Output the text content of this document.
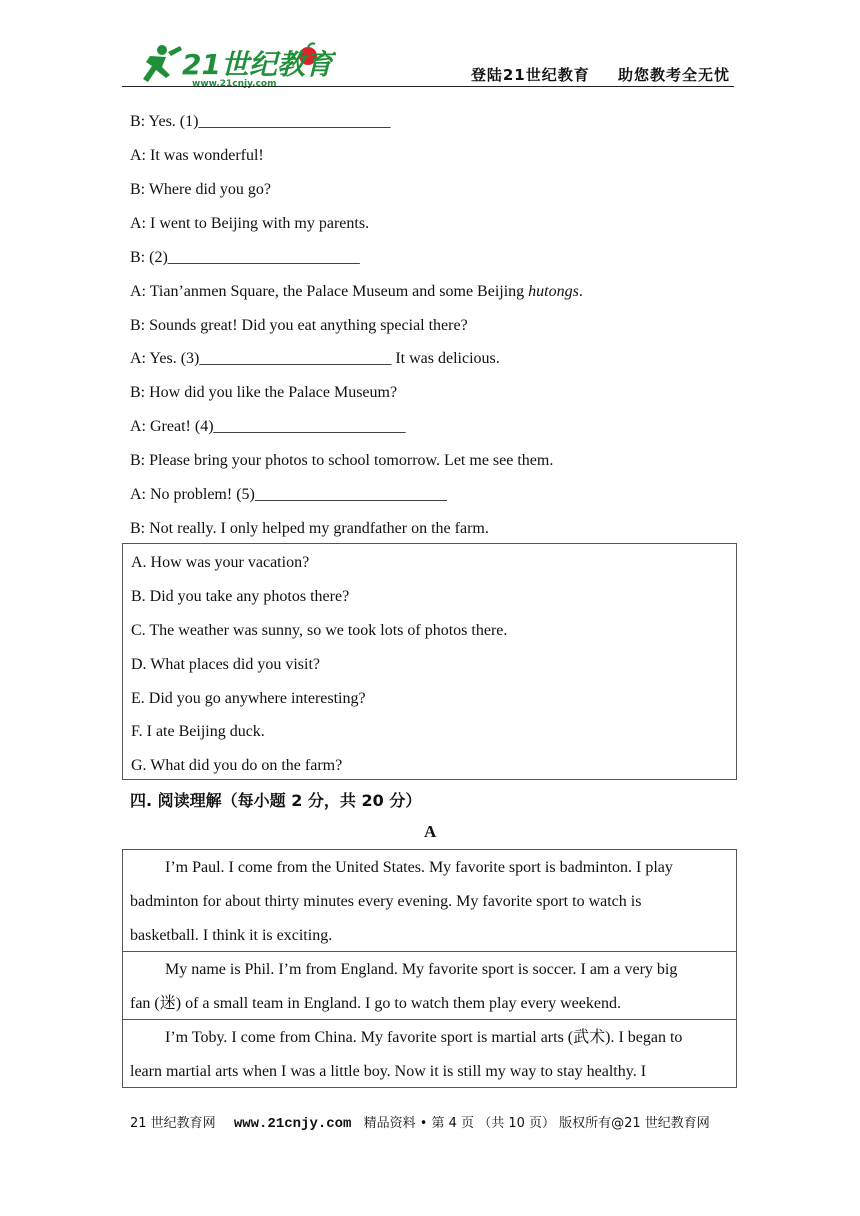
21世纪教育
www.21cnjy.com	登陆21世纪教育 助您教考全无忧
B: Yes. (1)________________________
A: It was wonderful!
B: Where did you go?
A: I went to Beijing with my parents.
B: (2)________________________
A: Tian’anmen Square, the Palace Museum and some Beijing hutongs.
B: Sounds great! Did you eat anything special there?
A: Yes. (3)________________________ It was delicious.
B: How did you like the Palace Museum?
A: Great! (4)________________________
B: Please bring your photos to school tomorrow. Let me see them.
A: No problem! (5)________________________
B: Not really. I only helped my grandfather on the farm.
A. How was your vacation?
B. Did you take any photos there?
C. The weather was sunny, so we took lots of photos there.
D. What places did you visit?
E. Did you go anywhere interesting?
F. I ate Beijing duck.
G. What did you do on the farm?
四. 阅读理解（每小题 2 分，共 20 分）
A
I’m Paul. I come from the United States. My favorite sport is badminton. I play
badminton for about thirty minutes every evening. My favorite sport to watch is
basketball. I think it is exciting.
My name is Phil. I’m from England. My favorite sport is soccer. I am a very big
fan (迷) of a small team in England. I go to watch them play every weekend.
I’m Toby. I come from China. My favorite sport is martial arts (武术). I began to
learn martial arts when I was a little boy. Now it is still my way to stay healthy. I
21 世纪教育网 www.21cnjy.com 精品资料 • 第 4 页 （共 10 页） 版权所有@21 世纪教育网
